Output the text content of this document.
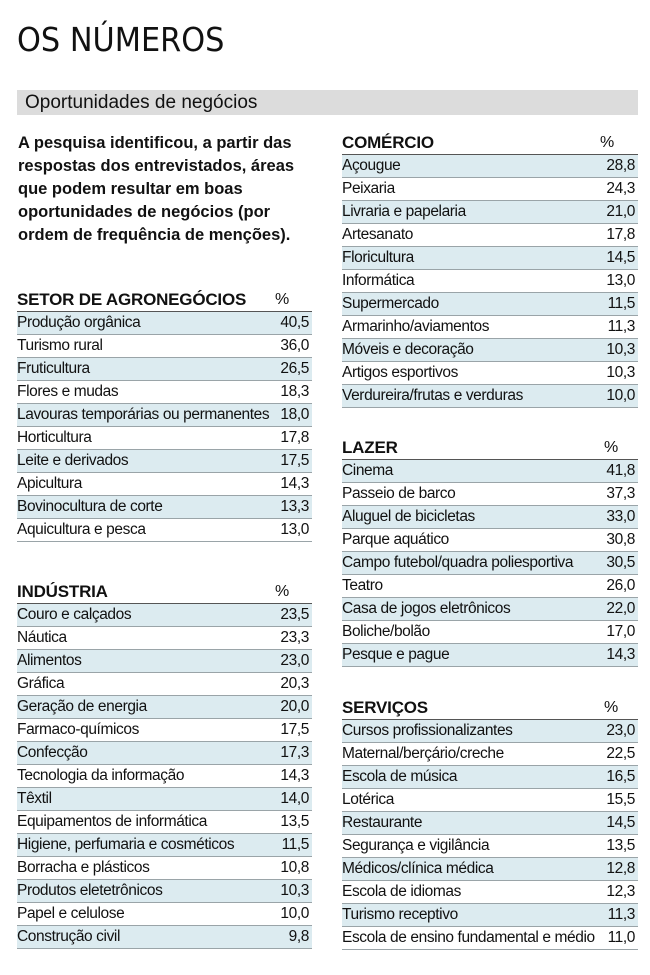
OS NÚMEROS
Oportunidades de negócios

A pesquisa identificou, a partir das respostas dos entrevistados, áreas que podem resultar em boas oportunidades de negócios (por ordem de frequência de menções).

SETOR DE AGRONEGÓCIOS %
Produção orgânica	40,5
Turismo rural	36,0
Fruticultura	26,5
Flores e mudas	18,3
Lavouras temporárias ou permanentes 18,0
Horticultura	17,8
Leite e derivados	17,5
Apicultura	14,3
Bovinocultura de corte	13,3
Aquicultura e pesca	13,0
INDÚSTRIA	%
Couro e calçados	23,5
Náutica	23,3
Alimentos	23,0
Gráfica	20,3
Geração de energia	20,0
Farmaco-químicos	17,5
Confecção	17,3
Tecnologia da informação	14,3
Têxtil	14,0
Equipamentos de informática	13,5
Higiene, perfumaria e cosméticos	11,5
Borracha e plásticos	10,8
Produtos eletetrônicos	10,3
Papel e celulose	10,0
Construção civil	9,8
COMÉRCIO	%
Açougue	28,8
Peixaria	24,3
Livraria e papelaria	21,0
Artesanato	17,8
Floricultura	14,5
Informática	13,0
Supermercado	11,5
Armarinho/aviamentos	11,3
Móveis e decoração	10,3
Artigos esportivos	10,3
Verdureira/frutas e verduras	10,0
LAZER	%
Cinema	41,8
Passeio de barco	37,3
Aluguel de bicicletas	33,0
Parque aquático	30,8
Campo futebol/quadra poliesportiva 30,5
Teatro	26,0
Casa de jogos eletrônicos	22,0
Boliche/bolão	17,0
Pesque e pague	14,3
SERVIÇOS	%
Cursos profissionalizantes	23,0
Maternal/berçário/creche	22,5
Escola de música	16,5
Lotérica	15,5
Restaurante	14,5
Segurança e vigilância	13,5
Médicos/clínica médica	12,8
Escola de idiomas	12,3
Turismo receptivo	11,3
Escola de ensino fundamental e médio 11,0
